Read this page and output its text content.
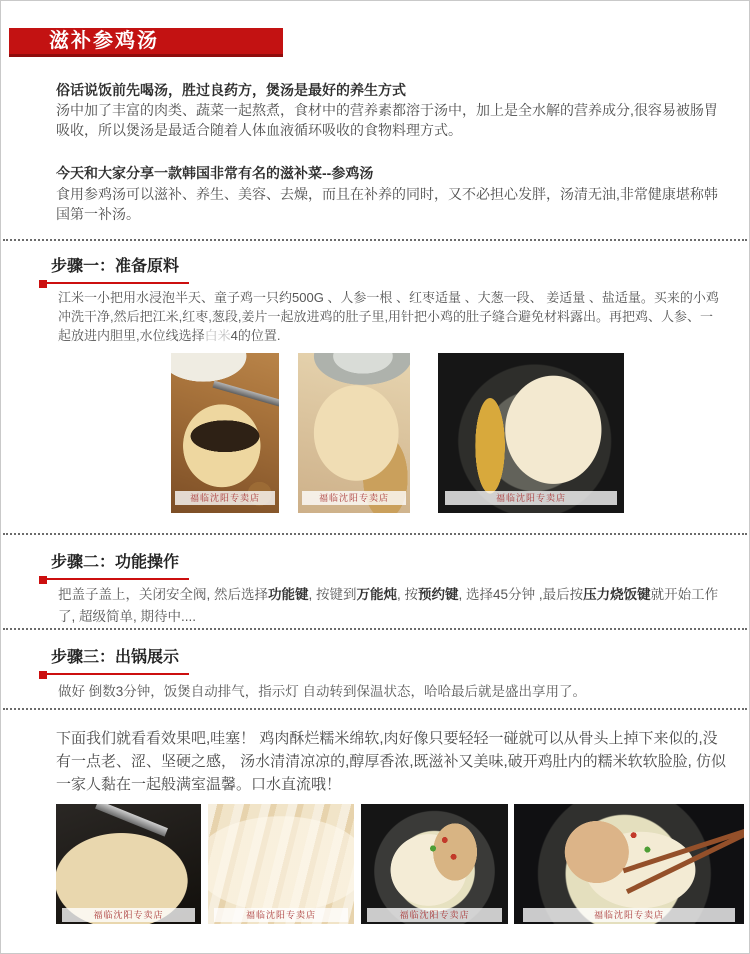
滋补参鸡汤
俗话说饭前先喝汤，胜过良药方，煲汤是最好的养生方式
汤中加了丰富的肉类、蔬菜一起熬煮，食材中的营养素都溶于汤中，加上是全水解的营养成分,很容易被肠胃吸收，所以煲汤是最适合随着人体血液循环吸收的食物料理方式。
今天和大家分享一款韩国非常有名的滋补菜--参鸡汤
食用参鸡汤可以滋补、养生、美容、去燥，而且在补养的同时，又不必担心发胖，汤清无油,非常健康堪称韩国第一补汤。
步骤一：准备原料
江米一小把用水浸泡半天、童子鸡一只约500G 、人参一根 、红枣适量 、大葱一段、 姜适量 、盐适量。买来的小鸡冲洗干净,然后把江米,红枣,葱段,姜片一起放进鸡的肚子里,用针把小鸡的肚子缝合避免材料露出。再把鸡、人参、一起放进内胆里,水位线选择白米4的位置.
福临沈阳专卖店	福临沈阳专卖店	福临沈阳专卖店
步骤二：功能操作
把盖子盖上，关闭安全阀, 然后选择功能键, 按键到万能炖, 按预约键, 选择45分钟 ,最后按压力烧饭键就开始工作了, 超级简单, 期待中....
步骤三：出锅展示
做好 倒数3分钟，饭煲自动排气，指示灯 自动转到保温状态，哈哈最后就是盛出享用了。
下面我们就看看效果吧,哇塞！ 鸡肉酥烂糯米绵软,肉好像只要轻轻一碰就可以从骨头上掉下来似的,没有一点老、涩、坚硬之感， 汤水清清凉凉的,醇厚香浓,既滋补又美味,破开鸡肚内的糯米软软脸脸, 仿似一家人黏在一起般满室温馨。口水直流哦！
福临沈阳专卖店	福临沈阳专卖店	福临沈阳专卖店	福临沈阳专卖店
